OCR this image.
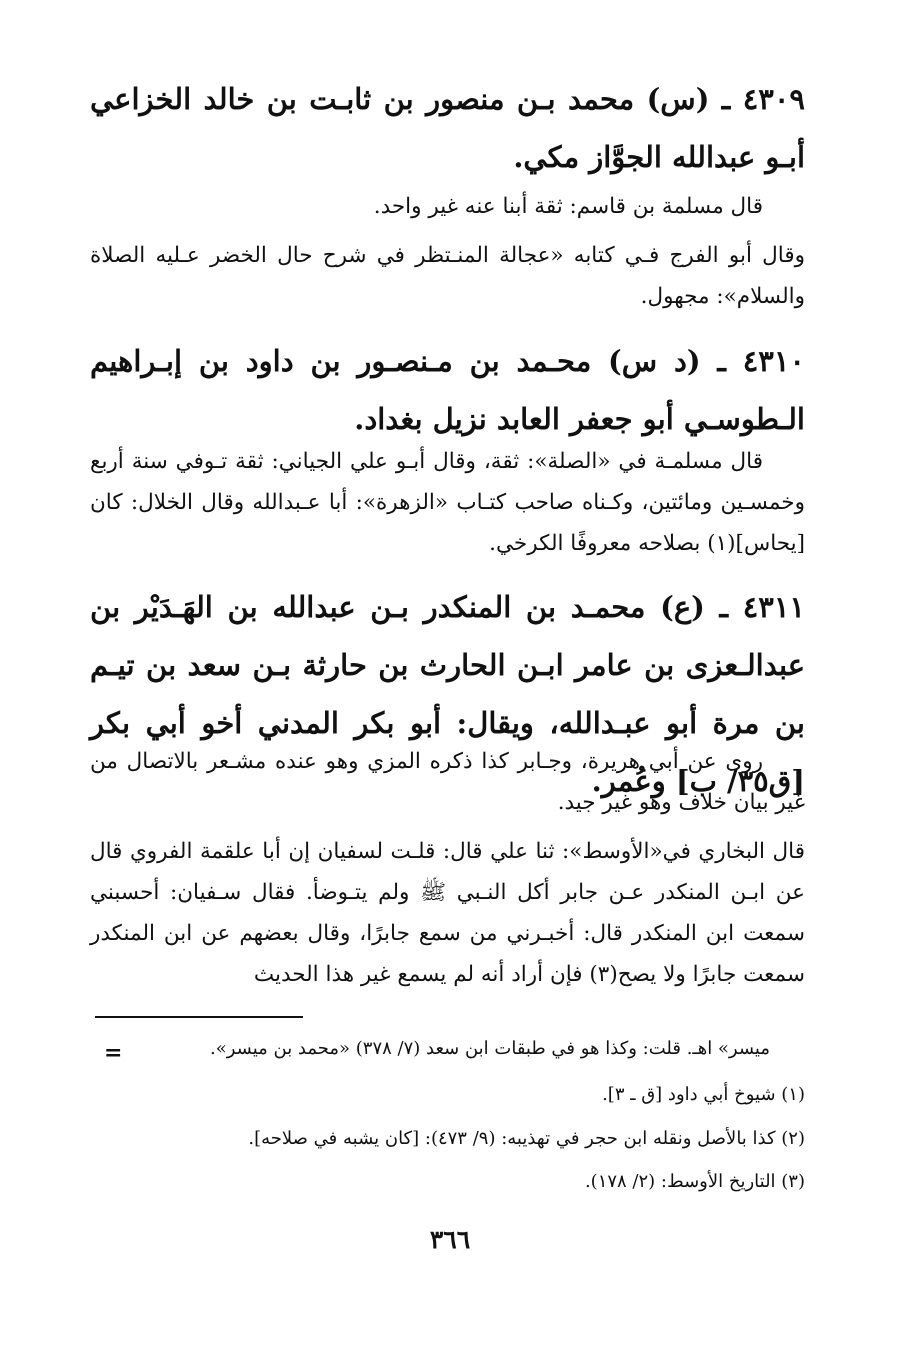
٤٣٠٩ ـ (س) محمد بـن منصور بن ثابـت بن خالد الخزاعي أبـو عبدالله الجوَّاز مكي.
قال مسلمة بن قاسم: ثقة أبنا عنه غير واحد.
وقال أبو الفرج فـي كتابه «عجالة المنـتظر في شرح حال الخضر عـليه الصلاة والسلام»: مجهول.
٤٣١٠ ـ (د س) محـمد بن مـنصـور بن داود بن إبـراهيم الـطوسـي أبو جعفر العابد نزيل بغداد.
قال مسلمـة في «الصلة»: ثقة، وقال أبـو علي الجياني: ثقة تـوفي سنة أربع وخمسـين ومائتين، وكـناه صاحب كتـاب «الزهرة»: أبا عـبدالله وقال الخلال: كان [يحاس](١) بصلاحه معروفًا الكرخي.
٤٣١١ ـ (ع) محمـد بن المنكدر بـن عبدالله بن الهَـدَيْر بن عبدالـعزى بن عامر ابـن الحارث بن حارثة بـن سعد بن تيـم بن مرة أبو عبـدالله، ويقال: أبو بكر المدني أخو أبي بكر [ق٣٥/ ب] وعُمر.
روى عن أبي هريرة، وجـابر كذا ذكره المزي وهو عنده مشـعر بالاتصال من غير بيان خلاف وهو غير جيد.
قال البخاري في«الأوسط»: ثنا علي قال: قلـت لسفيان إن أبا علقمة الفروي قال عن ابـن المنكدر عـن جابر أكل النـبي ﷺ ولم يتـوضأ. فقال سـفيان: أحسبني سمعت ابن المنكدر قال: أخبـرني من سمع جابرًا، وقال بعضهم عن ابن المنكدر سمعت جابرًا ولا يصح(٣) فإن أراد أنه لم يسمع غير هذا الحديث
=	ميسر» اهـ. قلت: وكذا هو في طبقات ابن سعد (٧/ ٣٧٨) «محمد بن ميسر».
(١) شيوخ أبي داود [ق ـ ٣].
(٢) كذا بالأصل ونقله ابن حجر في تهذيبه: (٩/ ٤٧٣): [كان يشبه في صلاحه].
(٣) التاريخ الأوسط: (٢/ ١٧٨).
٣٦٦
